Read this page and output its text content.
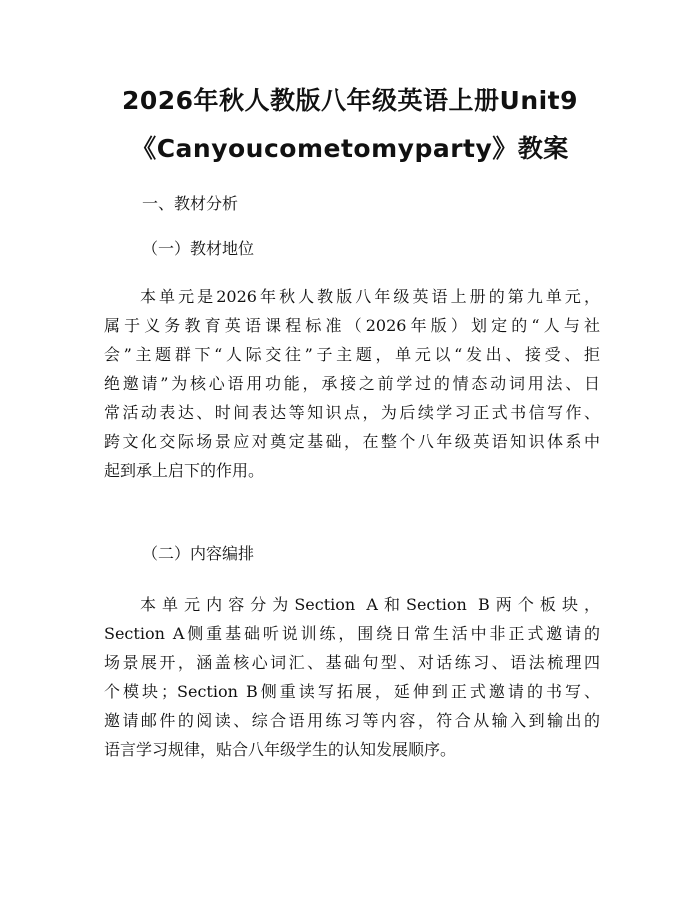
2026年秋人教版八年级英语上册Unit9
《Canyoucometomyparty》教案
一、教材分析
（一）教材地位
本单元是2026年秋人教版八年级英语上册的第九单元，
属于义务教育英语课程标准（2026年版）划定的“人与社
会”主题群下“人际交往”子主题，单元以“发出、接受、拒
绝邀请”为核心语用功能，承接之前学过的情态动词用法、日
常活动表达、时间表达等知识点，为后续学习正式书信写作、
跨文化交际场景应对奠定基础，在整个八年级英语知识体系中
起到承上启下的作用。
（二）内容编排
本单元内容分为Section A和Section B两个板块，
Section A侧重基础听说训练，围绕日常生活中非正式邀请的
场景展开，涵盖核心词汇、基础句型、对话练习、语法梳理四
个模块；Section B侧重读写拓展，延伸到正式邀请的书写、
邀请邮件的阅读、综合语用练习等内容，符合从输入到输出的
语言学习规律，贴合八年级学生的认知发展顺序。
